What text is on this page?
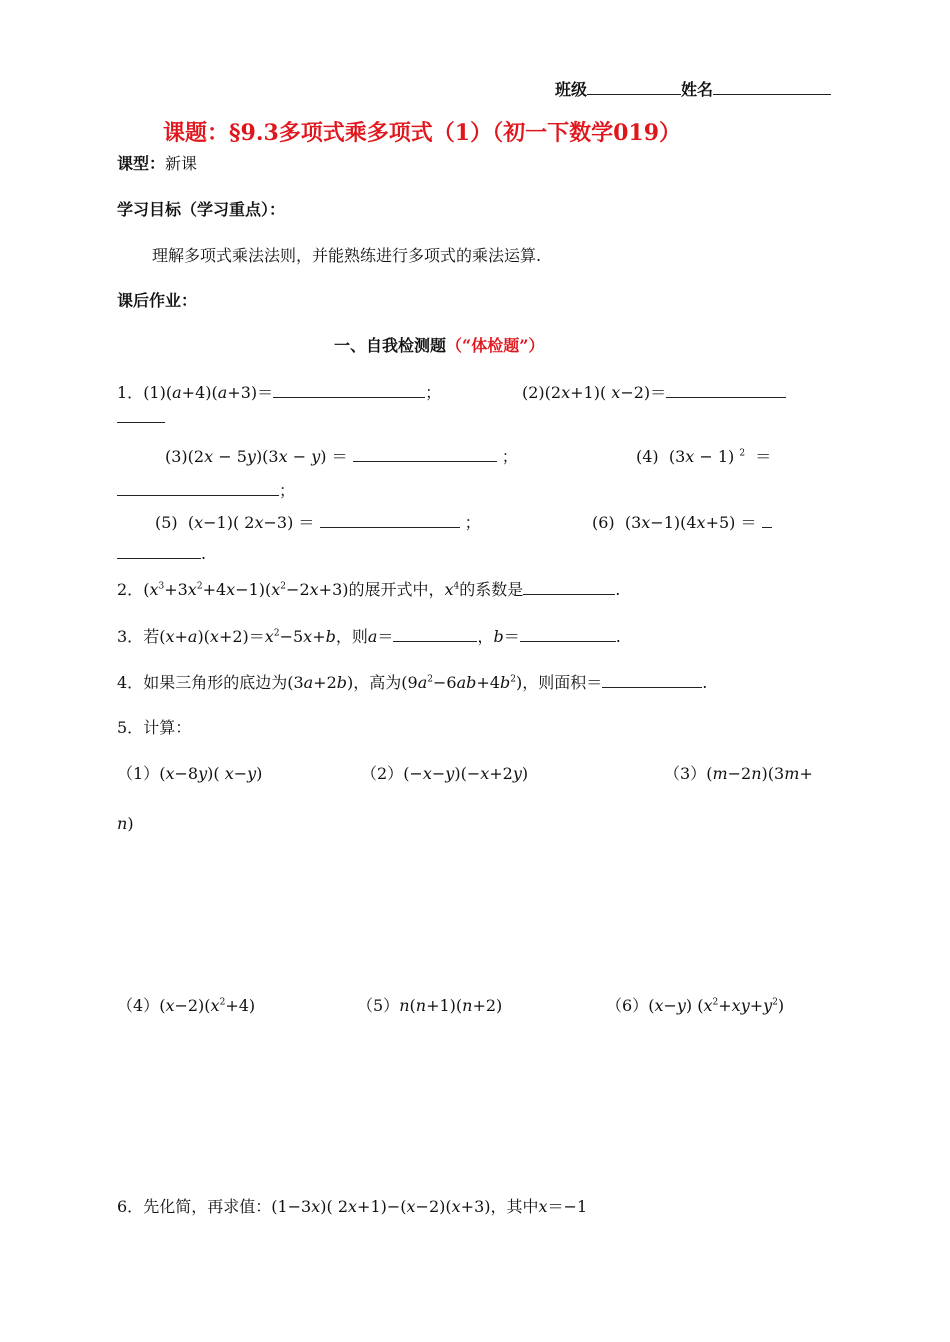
班级	姓名
课题：§9.3多项式乘多项式（1）（初一下数学019）
课型：新课
学习目标（学习重点）：
理解多项式乘法法则，并能熟练进行多项式的乘法运算.
课后作业：
一、自我检测题（“体检题”）
1．(1)(a+4)(a+3)＝	；	(2)(2x+1)( x−2)＝
(3)(2x − 5y)(3x − y) ＝	；	(4)  (3x − 1) $^2$  ＝
；
(5)  (x−1)( 2x−3) ＝	；	(6)  (3x−1)(4x+5) ＝
.
2．$(x^3+3x^2+4x-1)(x^2-2x+3)$的展开式中，$x^4$的系数是	.
3．若$(x+a)(x+2)=x^2-5x+b$，则a＝	，b＝	.
4．如果三角形的底边为(3a+2b)，高为$(9a^2-6ab+4b^2)$，则面积＝	.
5．计算：
（1）(x−8y)( x−y)	（2）(−x−y)(−x+2y)	（3）(m−2n)(3m+
n)
$(4)(x-2)(x^2+4)$	（5）n(n+1)(n+2)	（6）(x−y) $(x^2+xy+y^2)$
6．先化简，再求值：(1−3x)( 2x+1)−(x−2)(x+3)，其中x＝−1
